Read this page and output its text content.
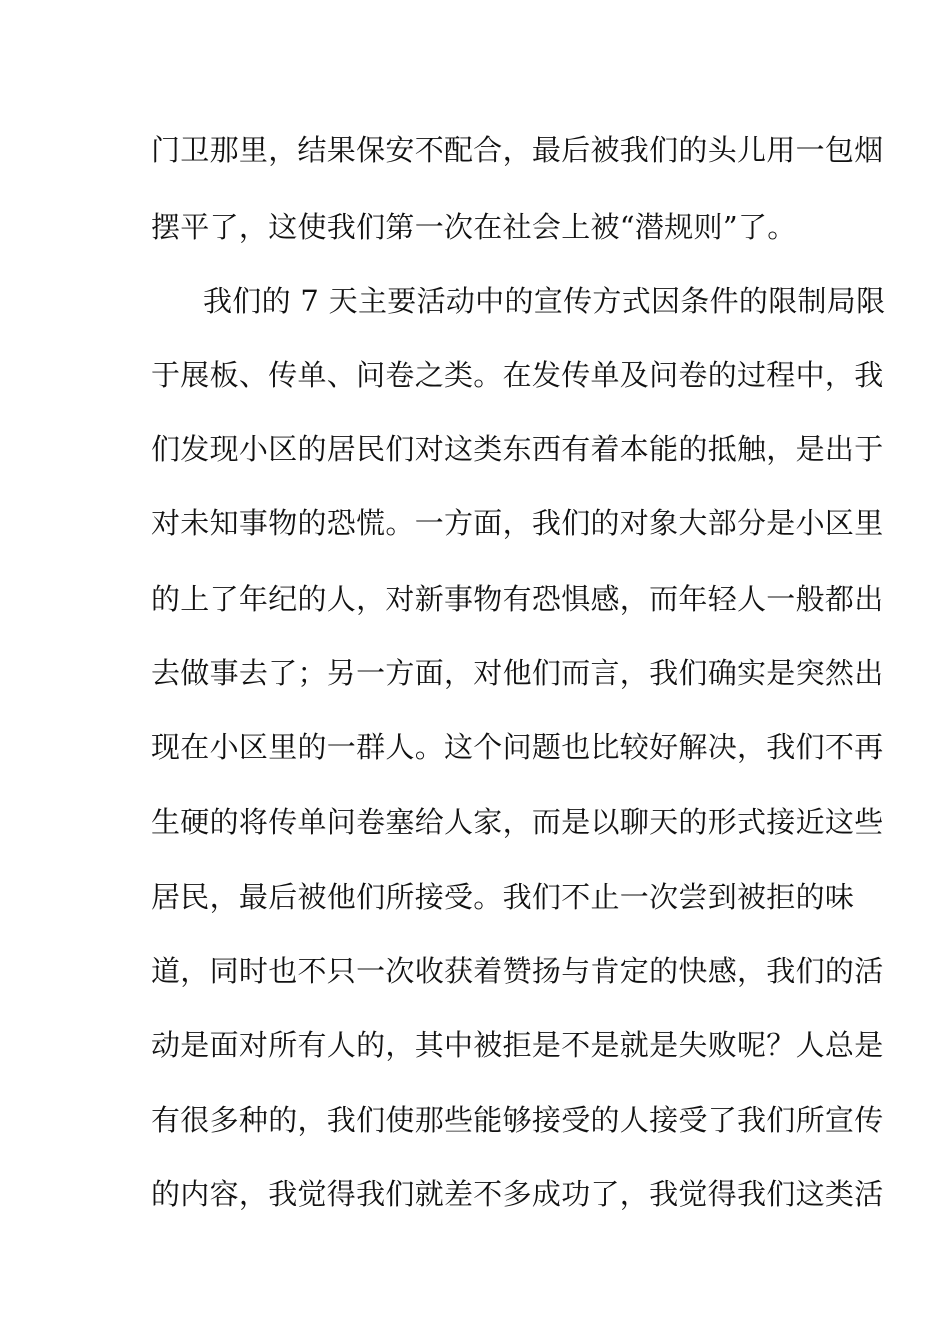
门卫那里，结果保安不配合，最后被我们的头儿用一包烟
摆平了，这使我们第一次在社会上被“潜规则”了。
我们的 7 天主要活动中的宣传方式因条件的限制局限
于展板、传单、问卷之类。在发传单及问卷的过程中，我
们发现小区的居民们对这类东西有着本能的抵触，是出于
对未知事物的恐慌。一方面，我们的对象大部分是小区里
的上了年纪的人，对新事物有恐惧感，而年轻人一般都出
去做事去了；另一方面，对他们而言，我们确实是突然出
现在小区里的一群人。这个问题也比较好解决，我们不再
生硬的将传单问卷塞给人家，而是以聊天的形式接近这些
居民，最后被他们所接受。我们不止一次尝到被拒的味
道，同时也不只一次收获着赞扬与肯定的快感，我们的活
动是面对所有人的，其中被拒是不是就是失败呢？人总是
有很多种的，我们使那些能够接受的人接受了我们所宣传
的内容，我觉得我们就差不多成功了，我觉得我们这类活
